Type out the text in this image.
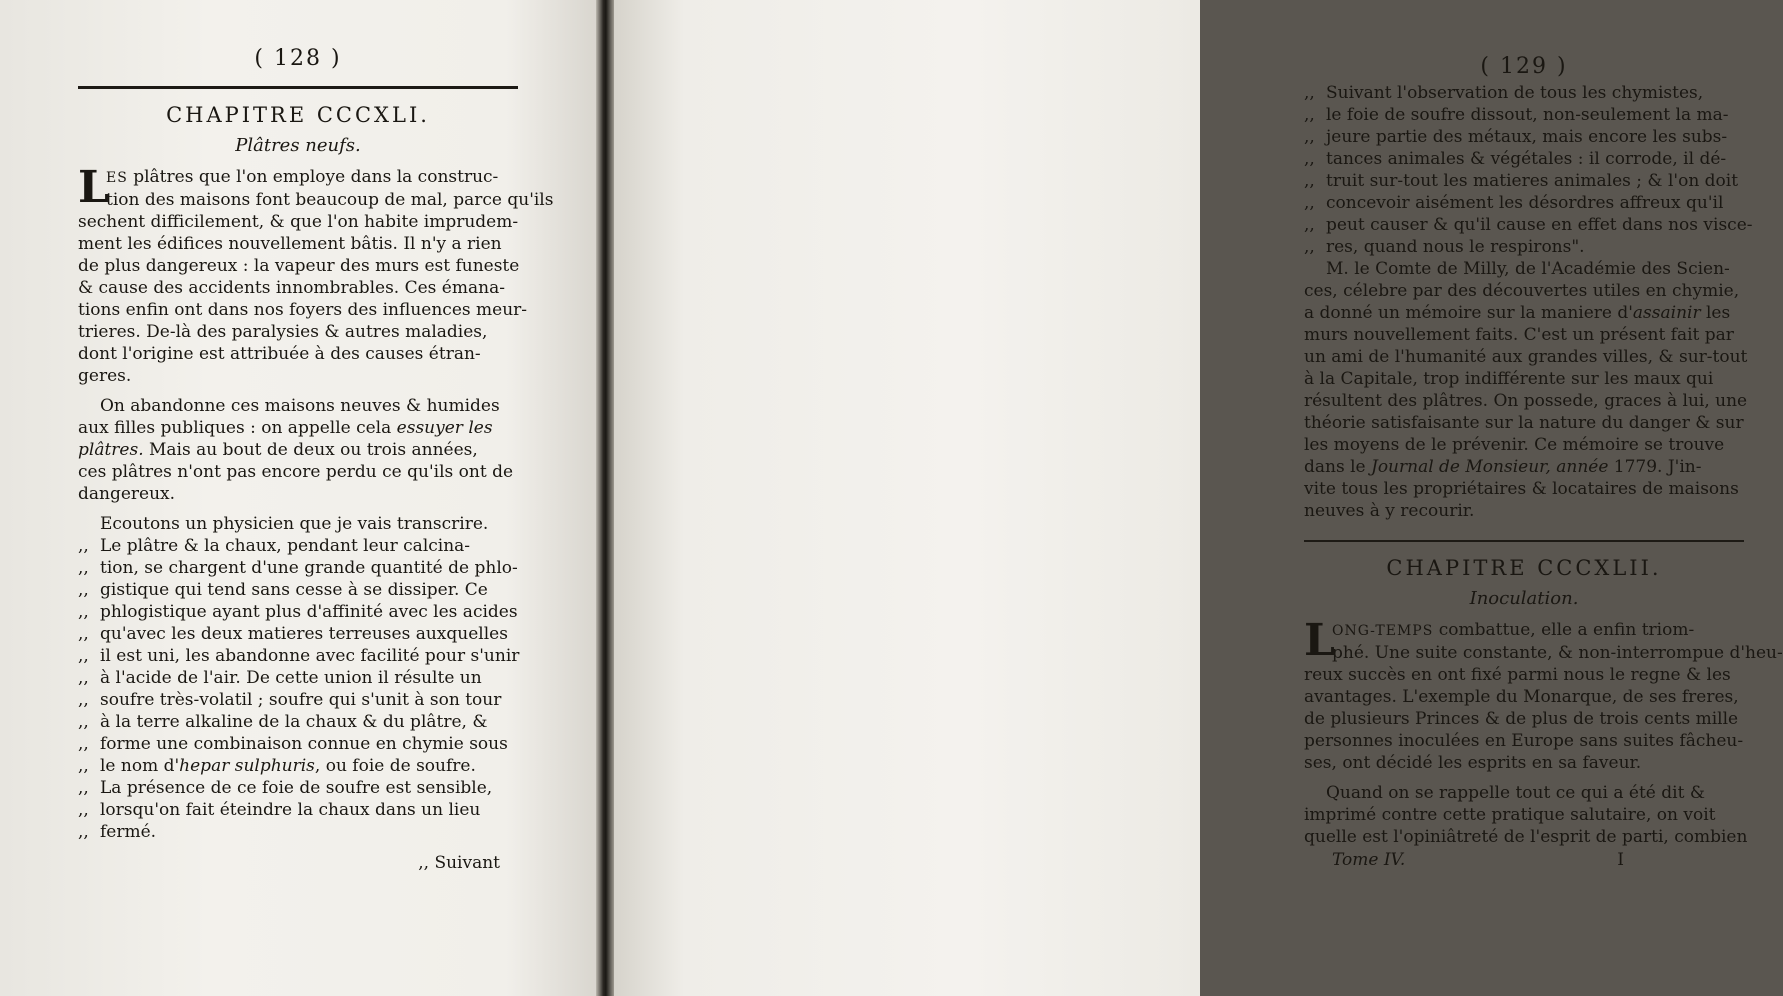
( 128 )
CHAPITRE CCCXLI.
Plâtres neufs.
L
ES plâtres que l'on employe dans la construc-
tion des maisons font beaucoup de mal, parce qu'ils
sechent difficilement, & que l'on habite imprudem-
ment les édifices nouvellement bâtis. Il n'y a rien
de plus dangereux : la vapeur des murs est funeste
& cause des accidents innombrables. Ces émana-
tions enfin ont dans nos foyers des influences meur-
trieres. De-là des paralysies & autres maladies,
dont l'origine est attribuée à des causes étran-
geres.
On abandonne ces maisons neuves & humides
aux filles publiques : on appelle cela essuyer les
plâtres. Mais au bout de deux ou trois années,
ces plâtres n'ont pas encore perdu ce qu'ils ont de
dangereux.
Ecoutons un physicien que je vais transcrire.
,, Le plâtre & la chaux, pendant leur calcina-
,, tion, se chargent d'une grande quantité de phlo-
,, gistique qui tend sans cesse à se dissiper. Ce
,, phlogistique ayant plus d'affinité avec les acides
,, qu'avec les deux matieres terreuses auxquelles
,, il est uni, les abandonne avec facilité pour s'unir
,, à l'acide de l'air. De cette union il résulte un
,, soufre très-volatil ; soufre qui s'unit à son tour
,, à la terre alkaline de la chaux & du plâtre, &
,, forme une combinaison connue en chymie sous
,, le nom d'hepar sulphuris, ou foie de soufre.
,, La présence de ce foie de soufre est sensible,
,, lorsqu'on fait éteindre la chaux dans un lieu
,, fermé.
,, Suivant
( 129 )
,, Suivant l'observation de tous les chymistes,
,, le foie de soufre dissout, non-seulement la ma-
,, jeure partie des métaux, mais encore les subs-
,, tances animales & végétales : il corrode, il dé-
,, truit sur-tout les matieres animales ; & l'on doit
,, concevoir aisément les désordres affreux qu'il
,, peut causer & qu'il cause en effet dans nos visce-
,, res, quand nous le respirons".
M. le Comte de Milly, de l'Académie des Scien-
ces, célebre par des découvertes utiles en chymie,
a donné un mémoire sur la maniere d'assainir les
murs nouvellement faits. C'est un présent fait par
un ami de l'humanité aux grandes villes, & sur-tout
à la Capitale, trop indifférente sur les maux qui
résultent des plâtres. On possede, graces à lui, une
théorie satisfaisante sur la nature du danger & sur
les moyens de le prévenir. Ce mémoire se trouve
dans le Journal de Monsieur, année 1779. J'in-
vite tous les propriétaires & locataires de maisons
neuves à y recourir.
CHAPITRE CCCXLII.
Inoculation.
L
ONG-TEMPS combattue, elle a enfin triom-
phé. Une suite constante, & non-interrompue d'heu-
reux succès en ont fixé parmi nous le regne & les
avantages. L'exemple du Monarque, de ses freres,
de plusieurs Princes & de plus de trois cents mille
personnes inoculées en Europe sans suites fâcheu-
ses, ont décidé les esprits en sa faveur.
Quand on se rappelle tout ce qui a été dit &
imprimé contre cette pratique salutaire, on voit
quelle est l'opiniâtreté de l'esprit de parti, combien
Tome IV.	I
